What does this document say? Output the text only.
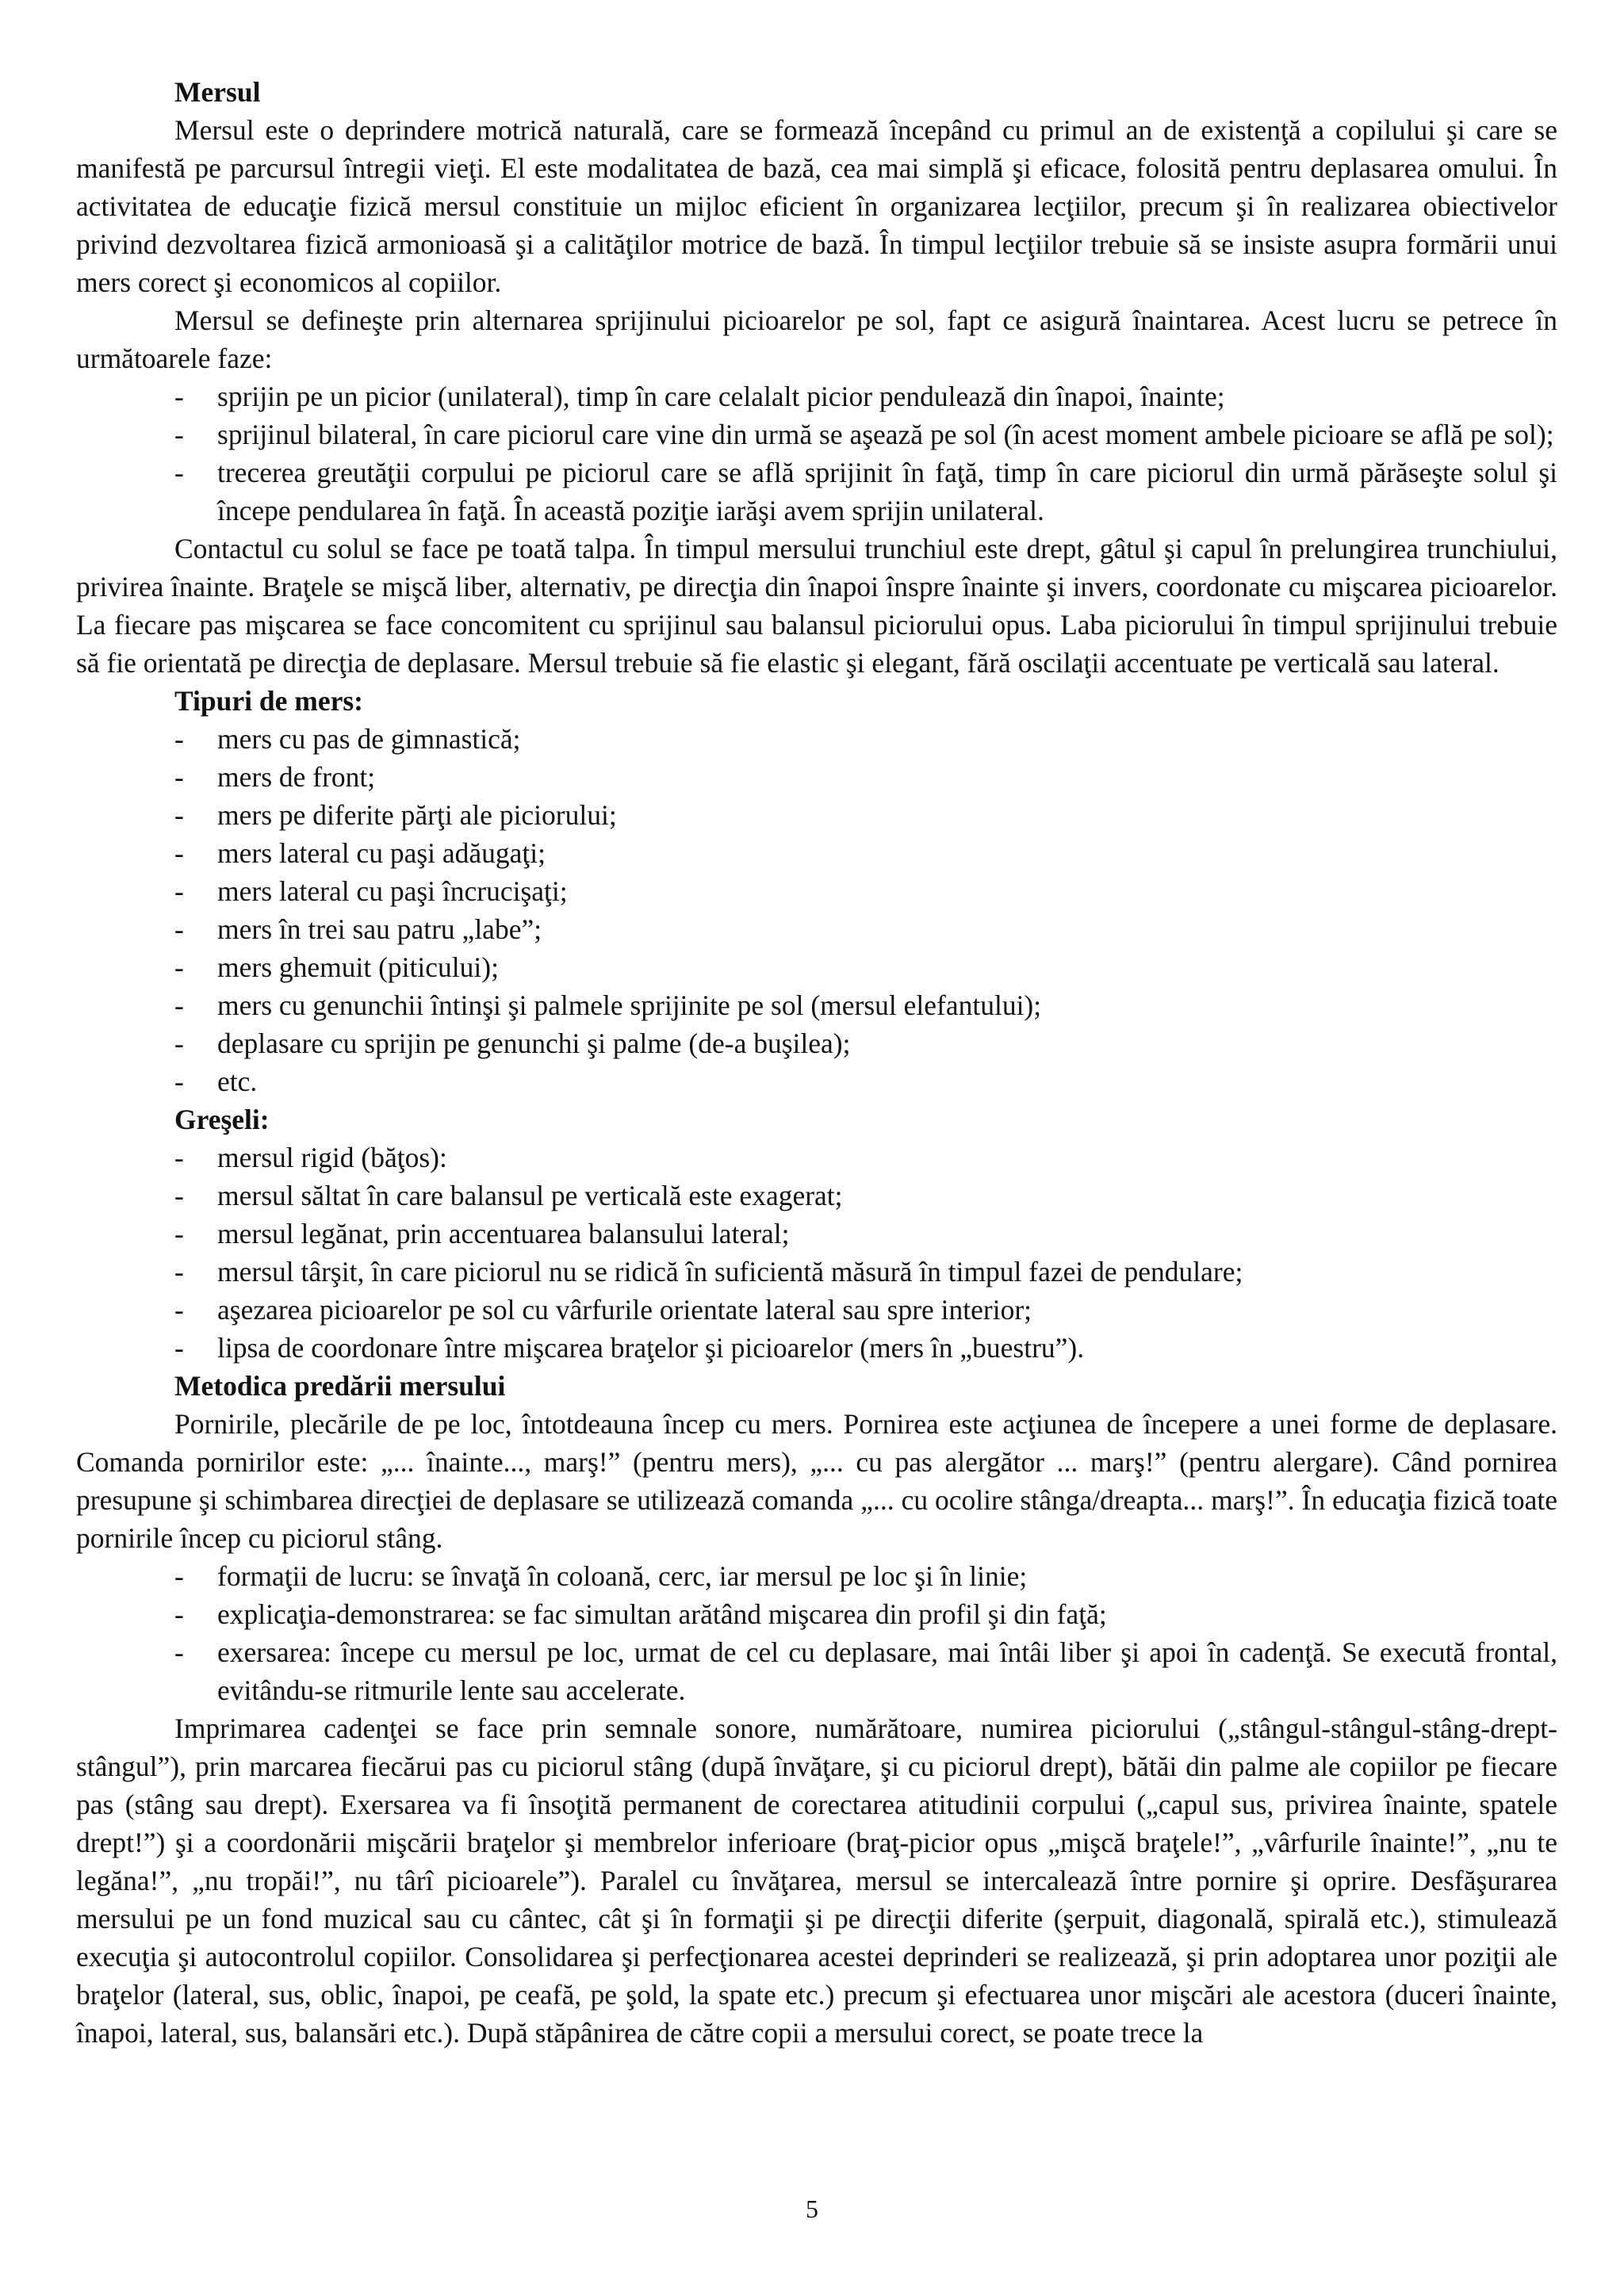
Mersul

Mersul este o deprindere motrică naturală, care se formează începând cu primul an de existenţă a copilului şi care se manifestă pe parcursul întregii vieţi. El este modalitatea de bază, cea mai simplă şi eficace, folosită pentru deplasarea omului. În activitatea de educaţie fizică mersul constituie un mijloc eficient în organizarea lecţiilor, precum şi în realizarea obiectivelor privind dezvoltarea fizică armonioasă şi a calităţilor motrice de bază. În timpul lecţiilor trebuie să se insiste asupra formării unui mers corect şi economicos al copiilor.

Mersul se defineşte prin alternarea sprijinului picioarelor pe sol, fapt ce asigură înaintarea. Acest lucru se petrece în următoarele faze:

- sprijin pe un picior (unilateral), timp în care celalalt picior pendulează din înapoi, înainte;
- sprijinul bilateral, în care piciorul care vine din urmă se aşează pe sol (în acest moment ambele picioare se află pe sol);
- trecerea greutăţii corpului pe piciorul care se află sprijinit în faţă, timp în care piciorul din urmă părăseşte solul şi începe pendularea în faţă. În această poziţie iarăşi avem sprijin unilateral.

Contactul cu solul se face pe toată talpa. În timpul mersului trunchiul este drept, gâtul şi capul în prelungirea trunchiului, privirea înainte. Braţele se mişcă liber, alternativ, pe direcţia din înapoi înspre înainte şi invers, coordonate cu mişcarea picioarelor. La fiecare pas mişcarea se face concomitent cu sprijinul sau balansul piciorului opus. Laba piciorului în timpul sprijinului trebuie să fie orientată pe direcţia de deplasare. Mersul trebuie să fie elastic şi elegant, fără oscilaţii accentuate pe verticală sau lateral.

Tipuri de mers:
- mers cu pas de gimnastică;
- mers de front;
- mers pe diferite părţi ale piciorului;
- mers lateral cu paşi adăugaţi;
- mers lateral cu paşi încrucişaţi;
- mers în trei sau patru „labe”;
- mers ghemuit (piticului);
- mers cu genunchii întinşi şi palmele sprijinite pe sol (mersul elefantului);
- deplasare cu sprijin pe genunchi şi palme (de-a buşilea);
- etc.
Greşeli:
- mersul rigid (băţos):
- mersul săltat în care balansul pe verticală este exagerat;
- mersul legănat, prin accentuarea balansului lateral;
- mersul târşit, în care piciorul nu se ridică în suficientă măsură în timpul fazei de pendulare;
- aşezarea picioarelor pe sol cu vârfurile orientate lateral sau spre interior;
- lipsa de coordonare între mişcarea braţelor şi picioarelor (mers în „buestru”).
Metodica predării mersului

Pornirile, plecările de pe loc, întotdeauna încep cu mers. Pornirea este acţiunea de începere a unei forme de deplasare. Comanda pornirilor este: „... înainte..., marş!” (pentru mers), „... cu pas alergător ... marş!” (pentru alergare). Când pornirea presupune şi schimbarea direcţiei de deplasare se utilizează comanda „... cu ocolire stânga/dreapta... marş!”. În educaţia fizică toate pornirile încep cu piciorul stâng.

- formaţii de lucru: se învaţă în coloană, cerc, iar mersul pe loc şi în linie;
- explicaţia-demonstrarea: se fac simultan arătând mişcarea din profil şi din faţă;
- exersarea: începe cu mersul pe loc, urmat de cel cu deplasare, mai întâi liber şi apoi în cadenţă. Se execută frontal, evitându-se ritmurile lente sau accelerate.

Imprimarea cadenţei se face prin semnale sonore, numărătoare, numirea piciorului („stângul-stângul-stâng-drept-stângul”), prin marcarea fiecărui pas cu piciorul stâng (după învăţare, şi cu piciorul drept), bătăi din palme ale copiilor pe fiecare pas (stâng sau drept). Exersarea va fi însoţită permanent de corectarea atitudinii corpului („capul sus, privirea înainte, spatele drept!”) şi a coordonării mişcării braţelor şi membrelor inferioare (braţ-picior opus „mişcă braţele!”, „vârfurile înainte!”, „nu te legăna!”, „nu tropăi!”, nu târî picioarele”). Paralel cu învăţarea, mersul se intercalează între pornire şi oprire. Desfăşurarea mersului pe un fond muzical sau cu cântec, cât şi în formaţii şi pe direcţii diferite (şerpuit, diagonală, spirală etc.), stimulează execuţia şi autocontrolul copiilor. Consolidarea şi perfecţionarea acestei deprinderi se realizează, şi prin adoptarea unor poziţii ale braţelor (lateral, sus, oblic, înapoi, pe ceafă, pe şold, la spate etc.) precum şi efectuarea unor mişcări ale acestora (duceri înainte, înapoi, lateral, sus, balansări etc.). După stăpânirea de către copii a mersului corect, se poate trece la

5
